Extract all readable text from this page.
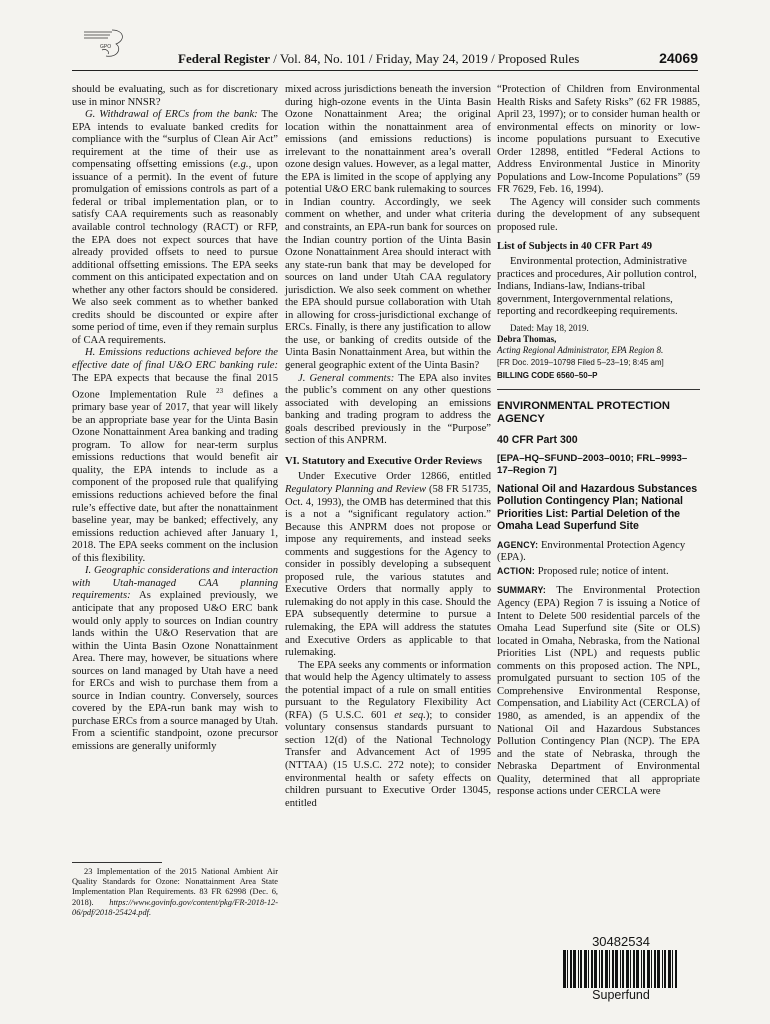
GPO
Federal Register / Vol. 84, No. 101 / Friday, May 24, 2019 / Proposed Rules	24069

should be evaluating, such as for discretionary use in minor NNSR?

G. Withdrawal of ERCs from the bank: The EPA intends to evaluate banked credits for compliance with the “surplus of Clean Air Act” requirement at the time of their use as compensating offsetting emissions (e.g., upon issuance of a permit). In the event of future promulgation of emissions controls as part of a federal or tribal implementation plan, or to satisfy CAA requirements such as reasonably available control technology (RACT) or RFP, the EPA does not expect sources that have already provided offsets to need to pursue additional offsetting emissions. The EPA seeks comment on this anticipated expectation and on whether any other factors should be considered. We also seek comment as to whether banked credits should be discounted or expire after some period of time, even if they remain surplus of CAA requirements.

H. Emissions reductions achieved before the effective date of final U&O ERC banking rule: The EPA expects that because the final 2015 Ozone Implementation Rule $^{23}$ defines a primary base year of 2017, that year will likely be an appropriate base year for the Uinta Basin Ozone Nonattainment Area banking and trading program. To allow for near-term surplus emissions reductions that would benefit air quality, the EPA intends to include as a component of the proposed rule that qualifying emissions reductions achieved before the final rule’s effective date, but after the nonattainment baseline year, may be banked; effectively, any emissions reduction achieved after January 1, 2018. The EPA seeks comment on the inclusion of this flexibility.

I. Geographic considerations and interaction with Utah-managed CAA planning requirements: As explained previously, we anticipate that any proposed U&O ERC bank would only apply to sources on Indian country lands within the U&O Reservation that are within the Uinta Basin Ozone Nonattainment Area. There may, however, be situations where sources on land managed by Utah have a need for ERCs and wish to purchase them from a source in Indian country. Conversely, sources covered by the EPA-run bank may wish to purchase ERCs from a source managed by Utah. From a scientific standpoint, ozone precursor emissions are generally uniformly

23 Implementation of the 2015 National Ambient Air Quality Standards for Ozone: Nonattainment Area State Implementation Plan Requirements. 83 FR 62998 (Dec. 6, 2018). https://www.govinfo.gov/content/pkg/FR-2018-12-06/pdf/2018-25424.pdf.

mixed across jurisdictions beneath the inversion during high-ozone events in the Uinta Basin Ozone Nonattainment Area; the original location within the nonattainment area of emissions (and emissions reductions) is irrelevant to the nonattainment area’s overall ozone design values. However, as a legal matter, the EPA is limited in the scope of applying any potential U&O ERC bank rulemaking to sources in Indian country. Accordingly, we seek comment on whether, and under what criteria and constraints, an EPA-run bank for sources on the Indian country portion of the Uinta Basin Ozone Nonattainment Area should interact with any state-run bank that may be developed for sources on land under Utah CAA regulatory jurisdiction. We also seek comment on whether the EPA should pursue collaboration with Utah in allowing for cross-jurisdictional exchange of ERCs. Finally, is there any justification to allow the use, or banking of credits outside of the Uinta Basin Nonattainment Area, but within the general geographic extent of the Uinta Basin?

J. General comments: The EPA also invites the public’s comment on any other questions associated with developing an emissions banking and trading program to address the goals described previously in the “Purpose” section of this ANPRM.

VI. Statutory and Executive Order Reviews

Under Executive Order 12866, entitled Regulatory Planning and Review (58 FR 51735, Oct. 4, 1993), the OMB has determined that this is a not a “significant regulatory action.” Because this ANPRM does not propose or impose any requirements, and instead seeks comments and suggestions for the Agency to consider in possibly developing a subsequent proposed rule, the various statutes and Executive Orders that normally apply to rulemaking do not apply in this case. Should the EPA subsequently determine to pursue a rulemaking, the EPA will address the statutes and Executive Orders as applicable to that rulemaking.

The EPA seeks any comments or information that would help the Agency ultimately to assess the potential impact of a rule on small entities pursuant to the Regulatory Flexibility Act (RFA) (5 U.S.C. 601 et seq.); to consider voluntary consensus standards pursuant to section 12(d) of the National Technology Transfer and Advancement Act of 1995 (NTTAA) (15 U.S.C. 272 note); to consider environmental health or safety effects on children pursuant to Executive Order 13045, entitled

“Protection of Children from Environmental Health Risks and Safety Risks” (62 FR 19885, April 23, 1997); or to consider human health or environmental effects on minority or low-income populations pursuant to Executive Order 12898, entitled “Federal Actions to Address Environmental Justice in Minority Populations and Low-Income Populations” (59 FR 7629, Feb. 16, 1994).

The Agency will consider such comments during the development of any subsequent proposed rule.

List of Subjects in 40 CFR Part 49

Environmental protection, Administrative practices and procedures, Air pollution control, Indians, Indians-law, Indians-tribal government, Intergovernmental relations, reporting and recordkeeping requirements.

Dated: May 18, 2019.

Debra Thomas,

Acting Regional Administrator, EPA Region 8.

[FR Doc. 2019–10798 Filed 5–23–19; 8:45 am]

BILLING CODE 6560–50–P

ENVIRONMENTAL PROTECTION AGENCY
40 CFR Part 300
[EPA–HQ–SFUND–2003–0010; FRL–9993–17–Region 7]
National Oil and Hazardous Substances Pollution Contingency Plan; National Priorities List: Partial Deletion of the Omaha Lead Superfund Site

AGENCY: Environmental Protection Agency (EPA).

ACTION: Proposed rule; notice of intent.

SUMMARY: The Environmental Protection Agency (EPA) Region 7 is issuing a Notice of Intent to Delete 500 residential parcels of the Omaha Lead Superfund site (Site or OLS) located in Omaha, Nebraska, from the National Priorities List (NPL) and requests public comments on this proposed action. The NPL, promulgated pursuant to section 105 of the Comprehensive Environmental Response, Compensation, and Liability Act (CERCLA) of 1980, as amended, is an appendix of the National Oil and Hazardous Substances Pollution Contingency Plan (NCP). The EPA and the state of Nebraska, through the Nebraska Department of Environmental Quality, determined that all appropriate response actions under CERCLA were

30482534
Superfund
